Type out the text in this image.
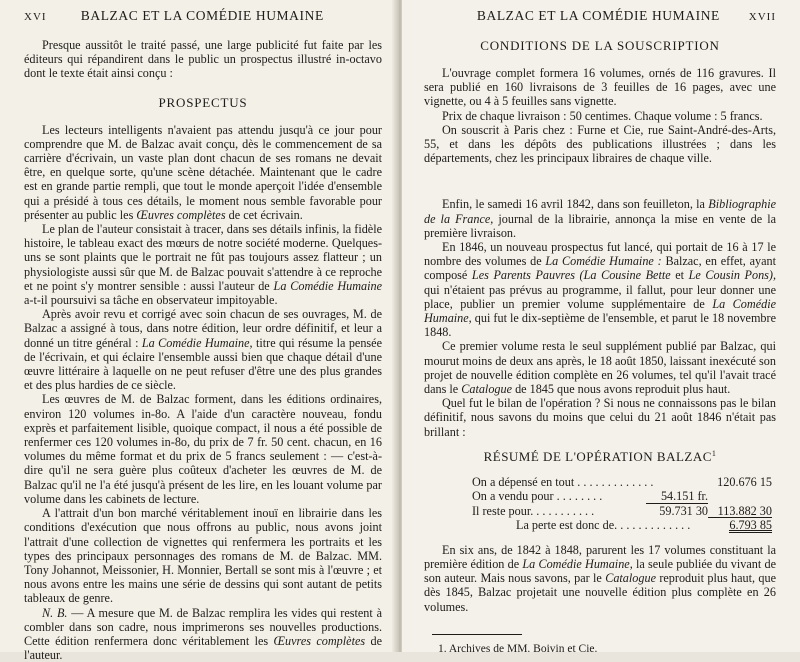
XVI	BALZAC ET LA COMÉDIE HUMAINE

Presque aussitôt le traité passé, une large publicité fut faite par les éditeurs qui répandirent dans le public un prospectus illustré in-octavo dont le texte était ainsi conçu :

PROSPECTUS

Les lecteurs intelligents n'avaient pas attendu jusqu'à ce jour pour comprendre que M. de Balzac avait conçu, dès le commencement de sa carrière d'écrivain, un vaste plan dont chacun de ses romans ne devait être, en quelque sorte, qu'une scène détachée. Maintenant que le cadre est en grande partie rempli, que tout le monde aperçoit l'idée d'ensemble qui a présidé à tous ces détails, le moment nous semble favorable pour présenter au public les Œuvres complètes de cet écrivain.

Le plan de l'auteur consistait à tracer, dans ses détails infinis, la fidèle histoire, le tableau exact des mœurs de notre société moderne. Quelques-uns se sont plaints que le portrait ne fût pas toujours assez flatteur ; un physiologiste aussi sûr que M. de Balzac pouvait s'attendre à ce reproche et ne point s'y montrer sensible : aussi l'auteur de La Comédie Humaine a-t-il poursuivi sa tâche en observateur impitoyable.

Après avoir revu et corrigé avec soin chacun de ses ouvrages, M. de Balzac a assigné à tous, dans notre édition, leur ordre définitif, et leur a donné un titre général : La Comédie Humaine, titre qui résume la pensée de l'écrivain, et qui éclaire l'ensemble aussi bien que chaque détail d'une œuvre littéraire à laquelle on ne peut refuser d'être une des plus grandes et des plus hardies de ce siècle.

Les œuvres de M. de Balzac forment, dans les éditions ordinaires, environ 120 volumes in-8o. A l'aide d'un caractère nouveau, fondu exprès et parfaitement lisible, quoique compact, il nous a été possible de renfermer ces 120 volumes in-8o, du prix de 7 fr. 50 cent. chacun, en 16 volumes du même format et du prix de 5 francs seulement : — c'est-à-dire qu'il ne sera guère plus coûteux d'acheter les œuvres de M. de Balzac qu'il ne l'a été jusqu'à présent de les lire, en les louant volume par volume dans les cabinets de lecture.

A l'attrait d'un bon marché véritablement inouï en librairie dans les conditions d'exécution que nous offrons au public, nous avons joint l'attrait d'une collection de vignettes qui renfermera les portraits et les types des principaux personnages des romans de M. de Balzac. MM. Tony Johannot, Meissonier, H. Monnier, Bertall se sont mis à l'œuvre ; et nous avons entre les mains une série de dessins qui sont autant de petits tableaux de genre.

N. B. — A mesure que M. de Balzac remplira les vides qui restent à combler dans son cadre, nous imprimerons ses nouvelles productions. Cette édition renfermera donc véritablement les Œuvres complètes de l'auteur.

BALZAC ET LA COMÉDIE HUMAINE	XVII
CONDITIONS DE LA SOUSCRIPTION

L'ouvrage complet formera 16 volumes, ornés de 116 gravures. Il sera publié en 160 livraisons de 3 feuilles de 16 pages, avec une vignette, ou 4 à 5 feuilles sans vignette.

Prix de chaque livraison : 50 centimes. Chaque volume : 5 francs.

On souscrit à Paris chez : Furne et Cie, rue Saint-André-des-Arts, 55, et dans les dépôts des publications illustrées ; dans les départements, chez les principaux libraires de chaque ville.

Enfin, le samedi 16 avril 1842, dans son feuilleton, la Bibliographie de la France, journal de la librairie, annonça la mise en vente de la première livraison.

En 1846, un nouveau prospectus fut lancé, qui portait de 16 à 17 le nombre des volumes de La Comédie Humaine : Balzac, en effet, ayant composé Les Parents Pauvres (La Cousine Bette et Le Cousin Pons), qui n'étaient pas prévus au programme, il fallut, pour leur donner une place, publier un premier volume supplémentaire de La Comédie Humaine, qui fut le dix-septième de l'ensemble, et parut le 18 novembre 1848.

Ce premier volume resta le seul supplément publié par Balzac, qui mourut moins de deux ans après, le 18 août 1850, laissant inexécuté son projet de nouvelle édition complète en 26 volumes, tel qu'il l'avait tracé dans le Catalogue de 1845 que nous avons reproduit plus haut.

Quel fut le bilan de l'opération ? Si nous ne connaissons pas le bilan définitif, nous savons du moins que celui du 21 août 1846 n'était pas brillant :

RÉSUMÉ DE L'OPÉRATION BALZAC$^1$
On a dépensé en tout . . . . . . . . . . . . .	120.676 15
On a vendu pour . . . . . . . .	54.151 fr.
Il reste pour. . . . . . . . . . .	59.731 30 113.882 30
La perte est donc de. . . . . . . . . . . . .	6.793 85

En six ans, de 1842 à 1848, parurent les 17 volumes constituant la première édition de La Comédie Humaine, la seule publiée du vivant de son auteur. Mais nous savons, par le Catalogue reproduit plus haut, que dès 1845, Balzac projetait une nouvelle édition plus complète en 26 volumes.

1. Archives de MM. Boivin et Cie.
